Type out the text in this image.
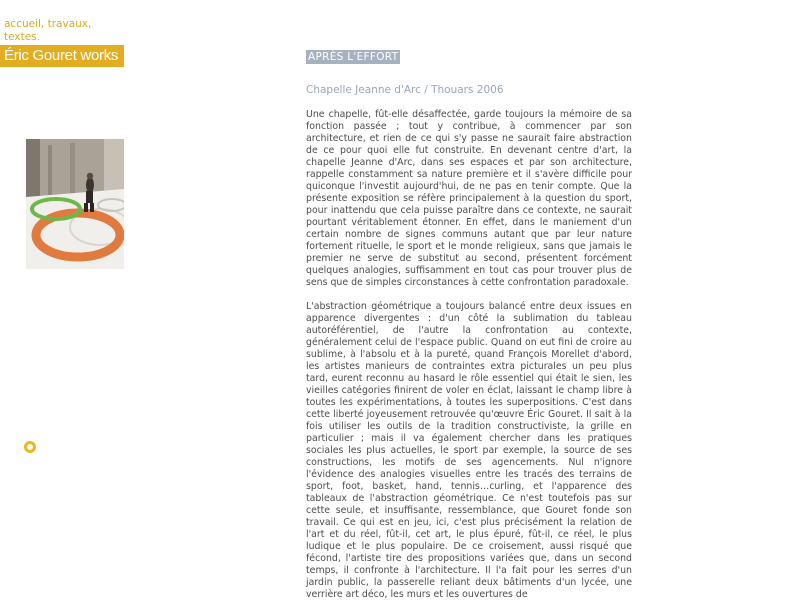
accueil, travaux,
textes.
Éric Gouret works	APRÈS L'EFFORT
Chapelle Jeanne d'Arc / Thouars 2006

Une chapelle, fût-elle désaffectée, garde toujours la mémoire de sa fonction passée ; tout y contribue, à commencer par son architecture, et rien de ce qui s'y passe ne saurait faire abstraction de ce pour quoi elle fut construite. En devenant centre d'art, la chapelle Jeanne d'Arc, dans ses espaces et par son architecture, rappelle constamment sa nature première et il s'avère difficile pour quiconque l'investit aujourd'hui, de ne pas en tenir compte. Que la présente exposition se réfère principalement à la question du sport, pour inattendu que cela puisse paraître dans ce contexte, ne saurait pourtant véritablement étonner. En effet, dans le maniement d'un certain nombre de signes communs autant que par leur nature fortement rituelle, le sport et le monde religieux, sans que jamais le premier ne serve de substitut au second, présentent forcément quelques analogies, suffisamment en tout cas pour trouver plus de sens que de simples circonstances à cette confrontation paradoxale.

L'abstraction géométrique a toujours balancé entre deux issues en apparence divergentes : d'un côté la sublimation du tableau autoréférentiel, de l'autre la confrontation au contexte, généralement celui de l'espace public. Quand on eut fini de croire au sublime, à l'absolu et à la pureté, quand François Morellet d'abord, les artistes manieurs de contraintes extra picturales un peu plus tard, eurent reconnu au hasard le rôle essentiel qui était le sien, les vieilles catégories finirent de voler en éclat, laissant le champ libre à toutes les expérimentations, à toutes les superpositions. C'est dans cette liberté joyeusement retrouvée qu'œuvre Éric Gouret. Il sait à la fois utiliser les outils de la tradition constructiviste, la grille en particulier ; mais il va également chercher dans les pratiques sociales les plus actuelles, le sport par exemple, la source de ses constructions, les motifs de ses agencements. Nul n'ignore l'évidence des analogies visuelles entre les tracés des terrains de sport, foot, basket, hand, tennis…curling, et l'apparence des tableaux de l'abstraction géométrique. Ce n'est toutefois pas sur cette seule, et insuffisante, ressemblance, que Gouret fonde son travail. Ce qui est en jeu, ici, c'est plus précisément la relation de l'art et du réel, fût-il, cet art, le plus épuré, fût-il, ce réel, le plus ludique et le plus populaire. De ce croisement, aussi risqué que fécond, l'artiste tire des propositions variées que, dans un second temps, il confronte à l'architecture. Il l'a fait pour les serres d'un jardin public, la passerelle reliant deux bâtiments d'un lycée, une verrière art déco, les murs et les ouvertures de
